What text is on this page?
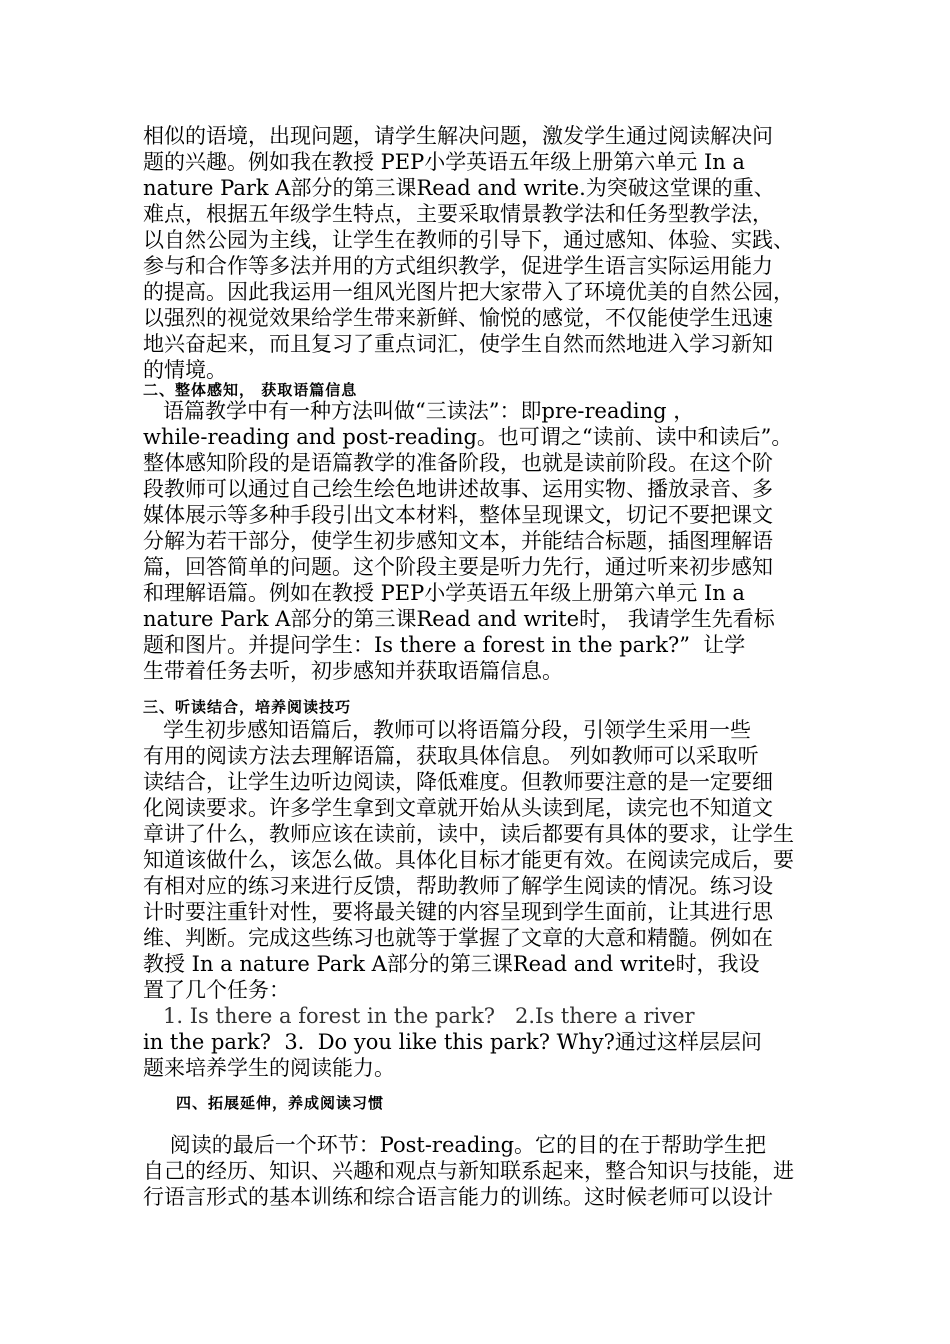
相似的语境，出现问题，请学生解决问题，激发学生通过阅读解决问
题的兴趣。例如我在教授 PEP小学英语五年级上册第六单元 In a
nature Park A部分的第三课Read and write.为突破这堂课的重、
难点，根据五年级学生特点，主要采取情景教学法和任务型教学法，
以自然公园为主线，让学生在教师的引导下，通过感知、体验、实践、
参与和合作等多法并用的方式组织教学，促进学生语言实际运用能力
的提高。因此我运用一组风光图片把大家带入了环境优美的自然公园，
以强烈的视觉效果给学生带来新鲜、愉悦的感觉，不仅能使学生迅速
地兴奋起来，而且复习了重点词汇，使学生自然而然地进入学习新知
的情境。
二、整体感知， 获取语篇信息
语篇教学中有一种方法叫做“三读法”：即pre-reading ，
while-reading and post-reading。也可谓之“读前、读中和读后”。
整体感知阶段的是语篇教学的准备阶段，也就是读前阶段。在这个阶
段教师可以通过自己绘生绘色地讲述故事、运用实物、播放录音、多
媒体展示等多种手段引出文本材料，整体呈现课文，切记不要把课文
分解为若干部分，使学生初步感知文本，并能结合标题，插图理解语
篇，回答简单的问题。这个阶段主要是听力先行，通过听来初步感知
和理解语篇。例如在教授 PEP小学英语五年级上册第六单元 In a
nature Park A部分的第三课Read and write时， 我请学生先看标
题和图片。并提问学生：Is there a forest in the park?”  让学
生带着任务去听，初步感知并获取语篇信息。
三、听读结合，培养阅读技巧
学生初步感知语篇后，教师可以将语篇分段，引领学生采用一些
有用的阅读方法去理解语篇，获取具体信息。 列如教师可以采取听
读结合，让学生边听边阅读，降低难度。但教师要注意的是一定要细
化阅读要求。许多学生拿到文章就开始从头读到尾，读完也不知道文
章讲了什么，教师应该在读前，读中，读后都要有具体的要求，让学生
知道该做什么，该怎么做。具体化目标才能更有效。在阅读完成后，要
有相对应的练习来进行反馈，帮助教师了解学生阅读的情况。练习设
计时要注重针对性，要将最关键的内容呈现到学生面前，让其进行思
维、判断。完成这些练习也就等于掌握了文章的大意和精髓。例如在
教授 In a nature Park A部分的第三课Read and write时，我设
置了几个任务：
1. Is there a forest in the park?   2.Is there a river
in the park?  3.  Do you like this park? Why?通过这样层层问
题来培养学生的阅读能力。
四、拓展延伸，养成阅读习惯
阅读的最后一个环节：Post-reading。它的目的在于帮助学生把
自己的经历、知识、兴趣和观点与新知联系起来，整合知识与技能，进
行语言形式的基本训练和综合语言能力的训练。这时候老师可以设计
